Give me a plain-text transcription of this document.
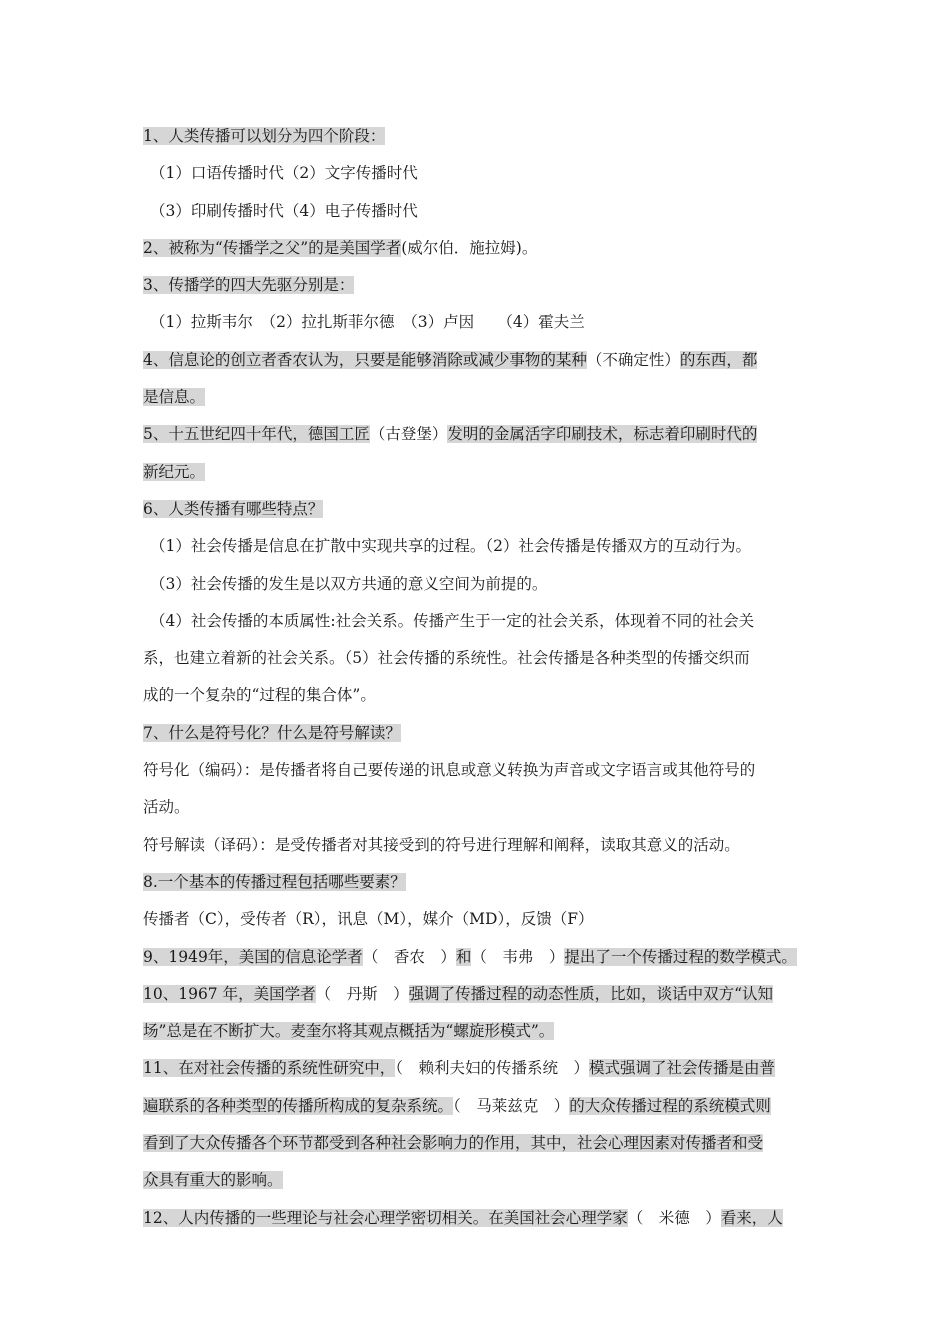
1、人类传播可以划分为四个阶段：
（1）口语传播时代（2）文字传播时代
（3）印刷传播时代（4）电子传播时代
2、被称为“传播学之父”的是美国学者(威尔伯．施拉姆)。
3、传播学的四大先驱分别是：
（1）拉斯韦尔　（2）拉扎斯菲尔德　（3）卢因　　（4）霍夫兰
4、信息论的创立者香农认为，只要是能够消除或减少事物的某种（不确定性）的东西，都
是信息。
5、十五世纪四十年代，德国工匠（古登堡）发明的金属活字印刷技术，标志着印刷时代的
新纪元。
6、人类传播有哪些特点？
（1）社会传播是信息在扩散中实现共享的过程。（2）社会传播是传播双方的互动行为。
（3）社会传播的发生是以双方共通的意义空间为前提的。
（4）社会传播的本质属性:社会关系。传播产生于一定的社会关系，体现着不同的社会关
系，也建立着新的社会关系。（5）社会传播的系统性。社会传播是各种类型的传播交织而
成的一个复杂的“过程的集合体”。
7、什么是符号化？什么是符号解读？
符号化（编码）：是传播者将自己要传递的讯息或意义转换为声音或文字语言或其他符号的
活动。
符号解读（译码）：是受传播者对其接受到的符号进行理解和阐释，读取其意义的活动。
8.一个基本的传播过程包括哪些要素？
传播者（C），受传者（R），讯息（M），媒介（MD），反馈（F）
9、1949年，美国的信息论学者（　香农　）和（　韦弗　）提出了一个传播过程的数学模式。
10、1967 年，美国学者（　丹斯　）强调了传播过程的动态性质，比如，谈话中双方“认知
场”总是在不断扩大。麦奎尔将其观点概括为“螺旋形模式”。
11、在对社会传播的系统性研究中，（　赖利夫妇的传播系统　）模式强调了社会传播是由普
遍联系的各种类型的传播所构成的复杂系统。（　马莱兹克　）的大众传播过程的系统模式则
看到了大众传播各个环节都受到各种社会影响力的作用，其中，社会心理因素对传播者和受
众具有重大的影响。
12、人内传播的一些理论与社会心理学密切相关。在美国社会心理学家（　米德　）看来，人
